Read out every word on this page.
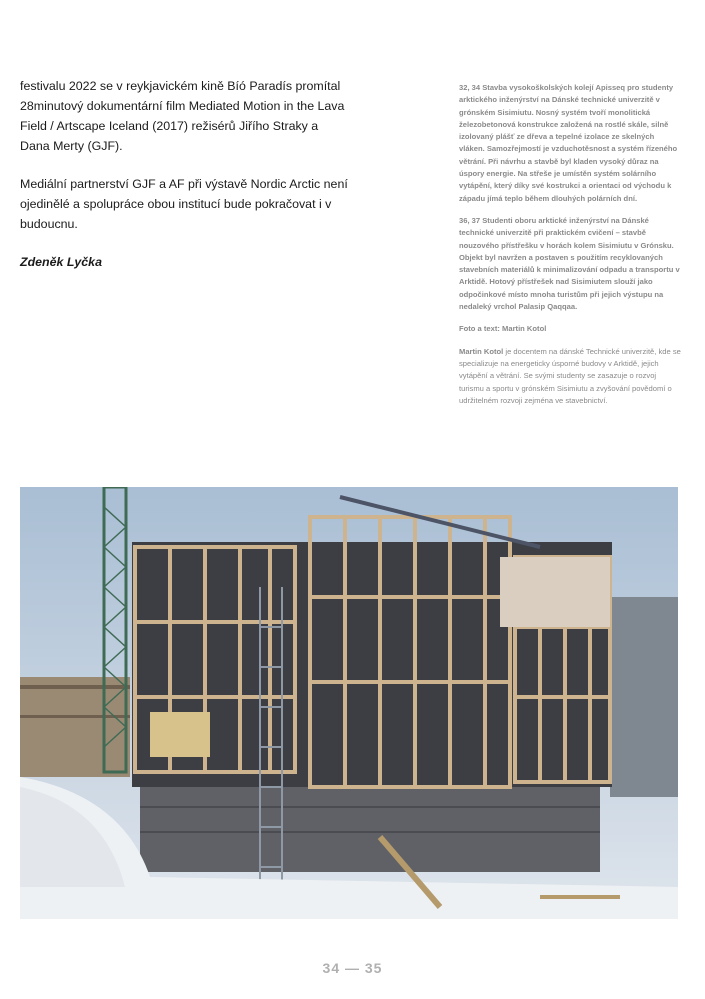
festivalu 2022 se v reykjavickém kině Bíó Paradís promítal 28minutový dokumentární film Mediated Motion in the Lava Field / Artscape Iceland (2017) režisérů Jiřího Straky a Dana Merty (GJF).

Mediální partnerství GJF a AF při výstavě Nordic Arctic není ojedinělé a spolupráce obou institucí bude pokračovat i v budoucnu.

Zdeněk Lyčka

32, 34 Stavba vysokoškolských kolejí Apisseq pro studenty arktického inženýrství na Dánské technické univerzitě v grónském Sisimiutu. Nosný systém tvoří monolitická železobetonová konstrukce založená na rostlé skále, silně izolovaný plášť ze dřeva a tepelné izolace ze skelných vláken. Samozřejmostí je vzduchotěsnost a systém řízeného větrání. Při návrhu a stavbě byl kladen vysoký důraz na úspory energie. Na střeše je umístěn systém solárního vytápění, který díky své kostrukci a orientaci od východu k západu jímá teplo během dlouhých polárních dní.

36, 37 Studenti oboru arktické inženýrství na Dánské technické univerzitě při praktickém cvičení – stavbě nouzového přístřešku v horách kolem Sisimiutu v Grónsku. Objekt byl navržen a postaven s použitím recyklovaných stavebních materiálů k minimalizování odpadu a transportu v Arktidě. Hotový přístřešek nad Sisimiutem slouží jako odpočinkové místo mnoha turistům při jejich výstupu na nedaleký vrchol Palasip Qaqqaa.

Foto a text: Martin Kotol

Martin Kotol je docentem na dánské Technické univerzitě, kde se specializuje na energeticky úsporné budovy v Arktidě, jejich vytápění a větrání. Se svými studenty se zasazuje o rozvoj turismu a sportu v grónském Sisimiutu a zvyšování povědomí o udržitelném rozvoji zejména ve stavebnictví.

34 — 35
